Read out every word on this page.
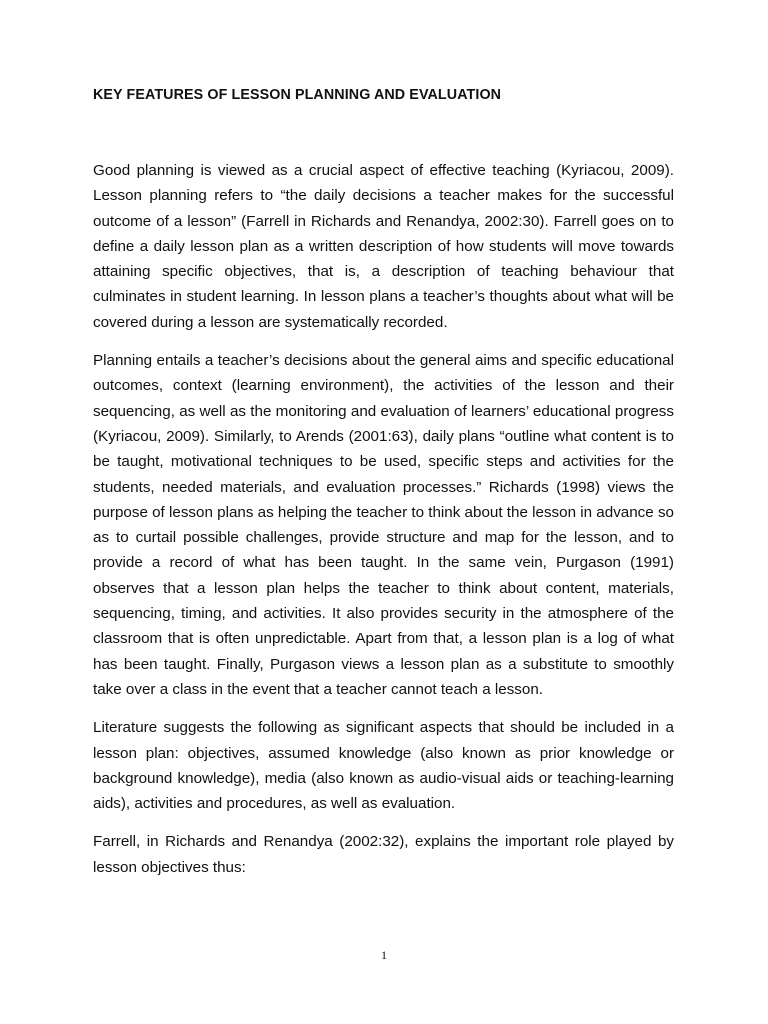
KEY FEATURES OF LESSON PLANNING AND EVALUATION

Good planning is viewed as a crucial aspect of effective teaching (Kyriacou, 2009). Lesson planning refers to “the daily decisions a teacher makes for the successful outcome of a lesson” (Farrell in Richards and Renandya, 2002:30). Farrell goes on to define a daily lesson plan as a written description of how students will move towards attaining specific objectives, that is, a description of teaching behaviour that culminates in student learning. In lesson plans a teacher’s thoughts about what will be covered during a lesson are systematically recorded.

Planning entails a teacher’s decisions about the general aims and specific educational outcomes, context (learning environment), the activities of the lesson and their sequencing, as well as the monitoring and evaluation of learners’ educational progress (Kyriacou, 2009). Similarly, to Arends (2001:63), daily plans “outline what content is to be taught, motivational techniques to be used, specific steps and activities for the students, needed materials, and evaluation processes.” Richards (1998) views the purpose of lesson plans as helping the teacher to think about the lesson in advance so as to curtail possible challenges, provide structure and map for the lesson, and to provide a record of what has been taught. In the same vein, Purgason (1991) observes that a lesson plan helps the teacher to think about content, materials, sequencing, timing, and activities. It also provides security in the atmosphere of the classroom that is often unpredictable. Apart from that, a lesson plan is a log of what has been taught. Finally, Purgason views a lesson plan as a substitute to smoothly take over a class in the event that a teacher cannot teach a lesson.

Literature suggests the following as significant aspects that should be included in a lesson plan: objectives, assumed knowledge (also known as prior knowledge or background knowledge), media (also known as audio-visual aids or teaching-learning aids), activities and procedures, as well as evaluation.

Farrell, in Richards and Renandya (2002:32), explains the important role played by lesson objectives thus:

1
